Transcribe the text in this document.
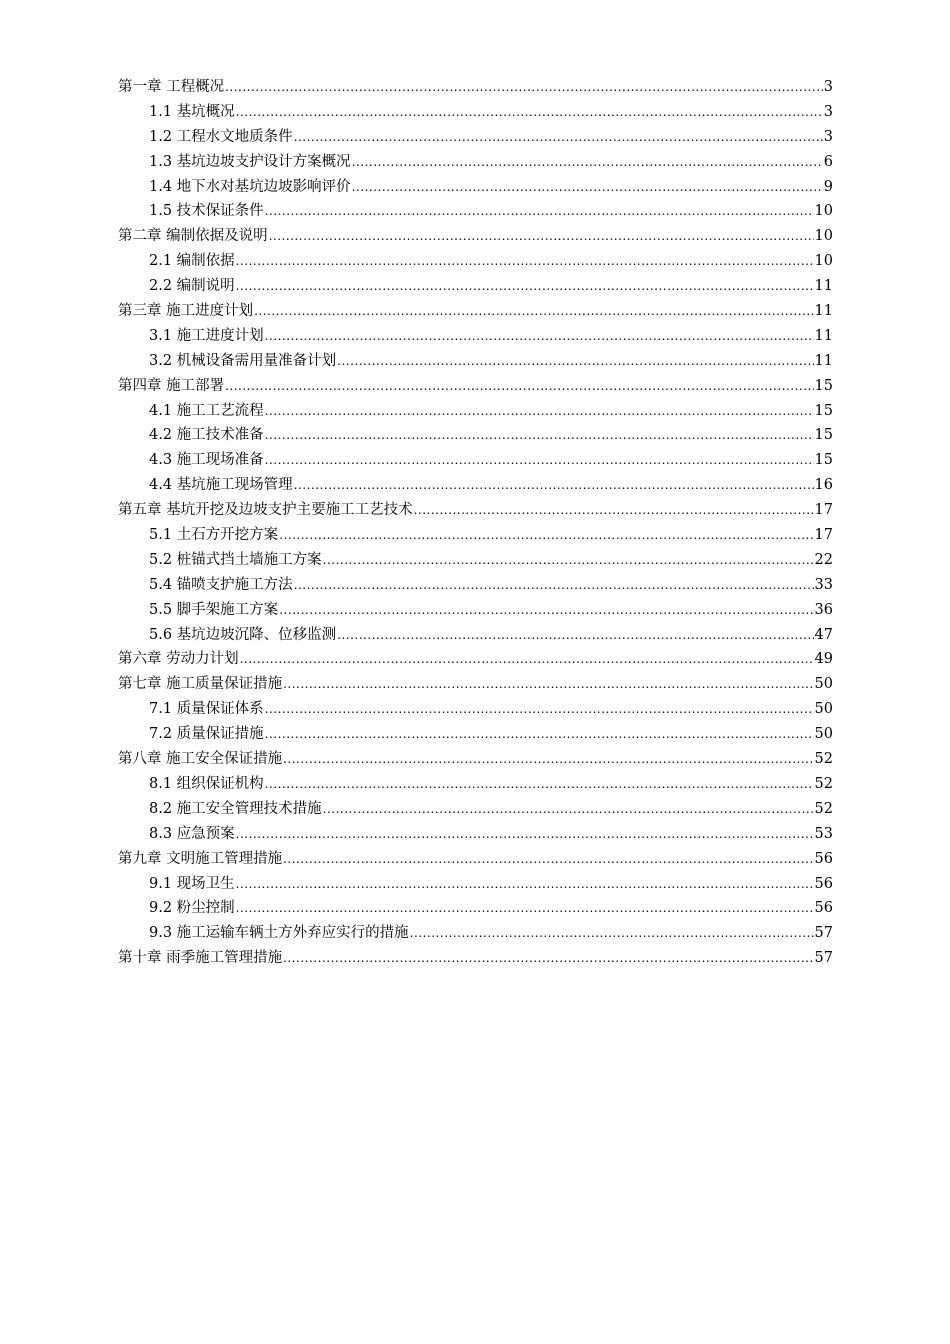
第一章 工程概况 .....	3
1.1 基坑概况 .....	3
1.2 工程水文地质条件 .....	3
1.3 基坑边坡支护设计方案概况 .....	6
1.4 地下水对基坑边坡影响评价 .....	9
1.5 技术保证条件 .....	10
第二章 编制依据及说明 .....	10
2.1 编制依据 .....	10
2.2 编制说明 .....	11
第三章 施工进度计划 .....	11
3.1 施工进度计划 .....	11
3.2 机械设备需用量准备计划 .....	11
第四章 施工部署 .....	15
4.1 施工工艺流程 .....	15
4.2 施工技术准备 .....	15
4.3 施工现场准备 .....	15
4.4 基坑施工现场管理 .....	16
第五章 基坑开挖及边坡支护主要施工工艺技术 .....	17
5.1 土石方开挖方案 .....	17
5.2 桩锚式挡土墙施工方案 .....	22
5.4 锚喷支护施工方法 .....	33
5.5 脚手架施工方案 .....	36
5.6 基坑边坡沉降、位移监测 .....	47
第六章 劳动力计划 .....	49
第七章 施工质量保证措施 .....	50
7.1 质量保证体系 .....	50
7.2 质量保证措施 .....	50
第八章 施工安全保证措施 .....	52
8.1 组织保证机构 .....	52
8.2 施工安全管理技术措施 .....	52
8.3 应急预案 .....	53
第九章 文明施工管理措施 .....	56
9.1 现场卫生 .....	56
9.2 粉尘控制 .....	56
9.3 施工运输车辆土方外弃应实行的措施 .....	57
第十章 雨季施工管理措施 .....	57
